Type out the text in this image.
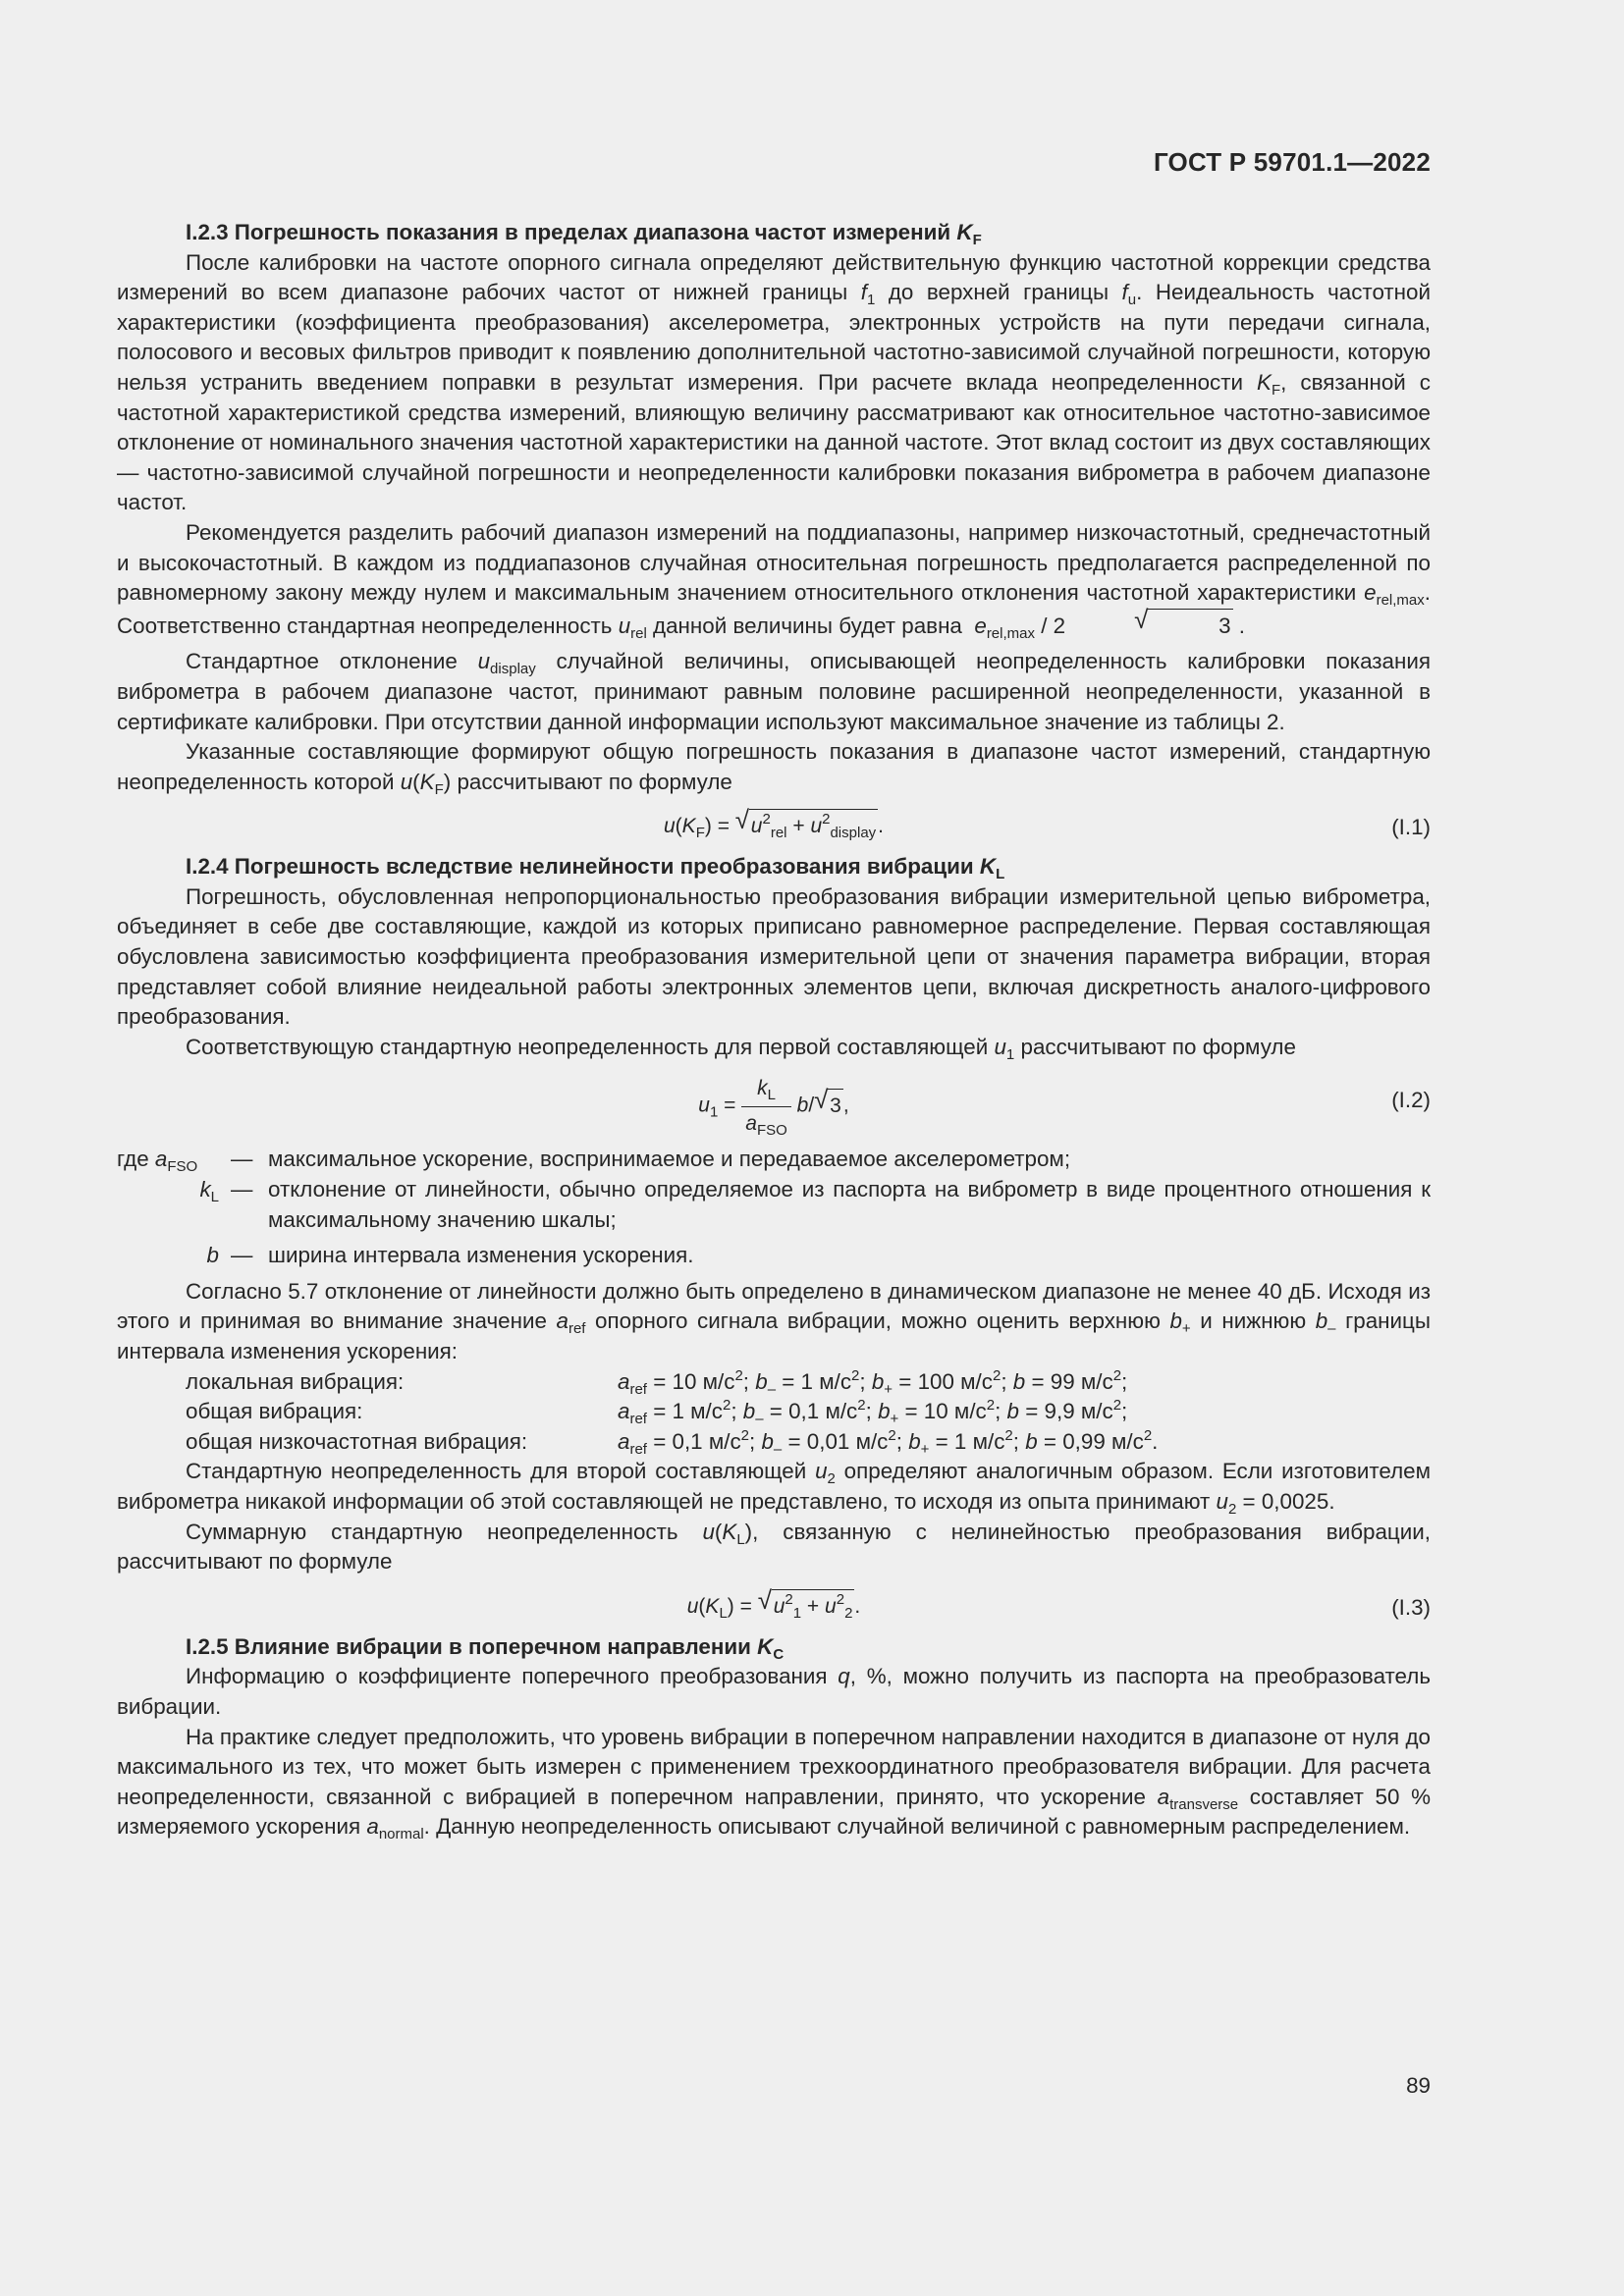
ГОСТ Р 59701.1—2022
I.2.3 Погрешность показания в пределах диапазона частот измерений $K_F$

После калибровки на частоте опорного сигнала определяют действительную функцию частотной коррекции средства измерений во всем диапазоне рабочих частот от нижней границы $f_1$ до верхней границы $f_u$. Неидеальность частотной характеристики (коэффициента преобразования) акселерометра, электронных устройств на пути передачи сигнала, полосового и весовых фильтров приводит к появлению дополнительной частотно-зависимой случайной погрешности, которую нельзя устранить введением поправки в результат измерения. При расчете вклада неопределенности $K_F$, связанной с частотной характеристикой средства измерений, влияющую величину рассматривают как относительное частотно-зависимое отклонение от номинального значения частотной характеристики на данной частоте. Этот вклад состоит из двух составляющих — частотно-зависимой случайной погрешности и неопределенности калибровки показания виброметра в рабочем диапазоне частот.

Рекомендуется разделить рабочий диапазон измерений на поддиапазоны, например низкочастотный, среднечастотный и высокочастотный. В каждом из поддиапазонов случайная относительная погрешность предполагается распределенной по равномерному закону между нулем и максимальным значением относительного отклонения частотной характеристики $e_{rel,max}$. Соответственно стандартная неопределенность $u_{rel}$ данной величины будет равна  $e_{rel,max} / 2$	√	3 .

Стандартное отклонение $u_{display}$ случайной величины, описывающей неопределенность калибровки показания виброметра в рабочем диапазоне частот, принимают равным половине расширенной неопределенности, указанной в сертификате калибровки. При отсутствии данной информации используют максимальное значение из таблицы 2.

Указанные составляющие формируют общую погрешность показания в диапазоне частот измерений, стандартную неопределенность которой $u(K_F)$ рассчитывают по формуле

$u(K_F)$ = √ $u^2_{rel} + u^2_{display}$.	(I.1)
I.2.4 Погрешность вследствие нелинейности преобразования вибрации $K_L$

Погрешность, обусловленная непропорциональностью преобразования вибрации измерительной цепью виброметра, объединяет в себе две составляющие, каждой из которых приписано равномерное распределение. Первая составляющая обусловлена зависимостью коэффициента преобразования измерительной цепи от значения параметра вибрации, вторая представляет собой влияние неидеальной работы электронных элементов цепи, включая дискретность аналого-цифрового преобразования.

Соответствующую стандартную неопределенность для первой составляющей $u_1$ рассчитывают по формуле

$u_1 = \frac{k_L}{a_{FSO}} b/$ √ 3,	(I.2)
где $a_{FSO}$	— максимальное ускорение, воспринимаемое и передаваемое акселерометром;
$k_L$ — отклонение от линейности, обычно определяемое из паспорта на виброметр в виде процентного отношения к максимальному значению шкалы;
b — ширина интервала изменения ускорения.

Согласно 5.7 отклонение от линейности должно быть определено в динамическом диапазоне не менее 40 дБ. Исходя из этого и принимая во внимание значение $a_{ref}$ опорного сигнала вибрации, можно оценить верхнюю $b_+$ и нижнюю $b_-$ границы интервала изменения ускорения:

локальная вибрация:	$a_{ref} = 10$ $м/с^2$; $b_- = 1$ $м/с^2$; $b_+ = 100$ $м/с^2$; b = 99 $м/с^2$;
общая вибрация:	$a_{ref} = 1$ $м/с^2$; $b_- = 0,1$ $м/с^2$; $b_+ = 10$ $м/с^2$; b = 9,9 $м/с^2$;
общая низкочастотная вибрация:	$a_{ref} = 0,1$ $м/с^2$; $b_- = 0,01$ $м/с^2$; $b_+ = 1$ $м/с^2$; b = 0,99 $м/с^2$.

Стандартную неопределенность для второй составляющей $u_2$ определяют аналогичным образом. Если изготовителем виброметра никакой информации об этой составляющей не представлено, то исходя из опыта принимают $u_2 = 0,0025$.

Суммарную стандартную неопределенность $u(K_L)$, связанную с нелинейностью преобразования вибрации, рассчитывают по формуле

$u(K_L)$ = √ $u^2_1 + u^2_2$.	(I.3)
I.2.5 Влияние вибрации в поперечном направлении $K_C$

Информацию о коэффициенте поперечного преобразования q, %, можно получить из паспорта на преобразователь вибрации.

На практике следует предположить, что уровень вибрации в поперечном направлении находится в диапазоне от нуля до максимального из тех, что может быть измерен с применением трехкоординатного преобразователя вибрации. Для расчета неопределенности, связанной с вибрацией в поперечном направлении, принято, что ускорение $a_{transverse}$ составляет 50 % измеряемого ускорения $a_{normal}$. Данную неопределенность описывают случайной величиной с равномерным распределением.

89
